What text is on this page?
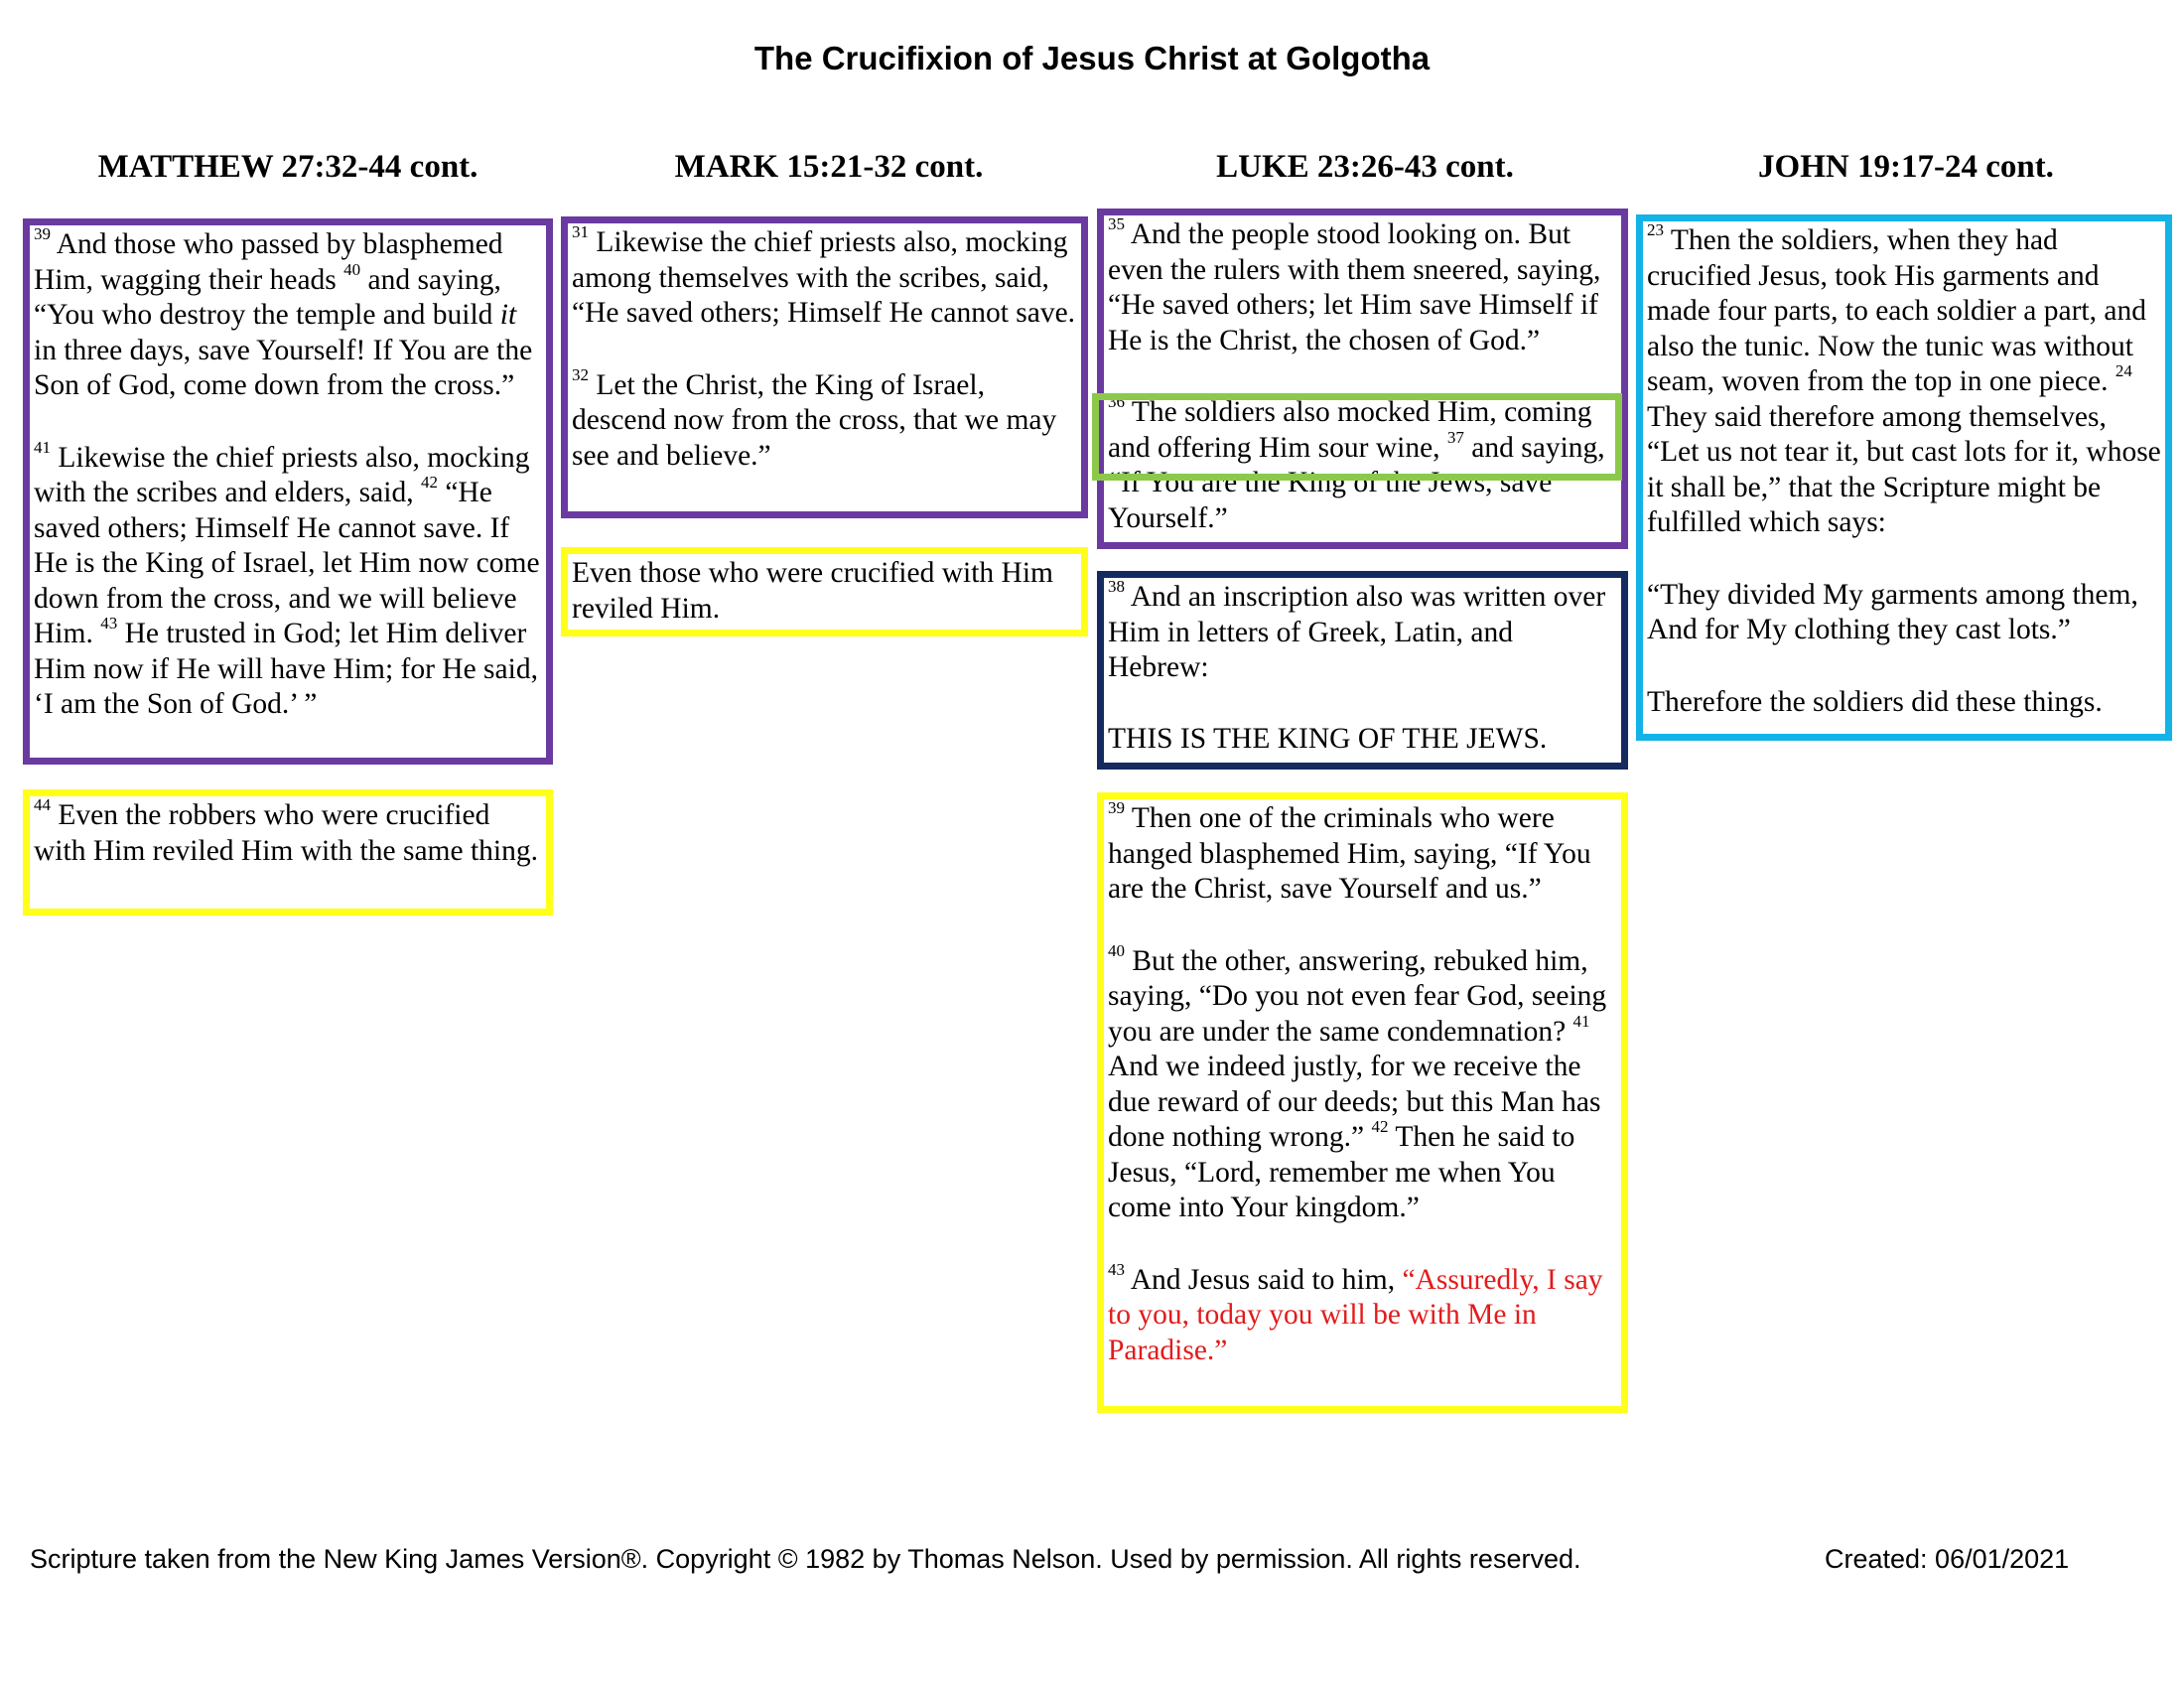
The Crucifixion of Jesus Christ at Golgotha
MATTHEW 27:32-44 cont.	MARK 15:21-32 cont.	LUKE 23:26-43 cont.	JOHN 19:17-24 cont.

$^{39}$ And those who passed by blasphemed Him, wagging their heads $^{40}$ and saying, “You who destroy the temple and build it in three days, save Yourself! If You are the Son of God, come down from the cross.”

$^{41}$ Likewise the chief priests also, mocking with the scribes and elders, said, $^{42}$ “He saved others; Himself He cannot save. If He is the King of Israel, let Him now come down from the cross, and we will believe Him. $^{43}$ He trusted in God; let Him deliver Him now if He will have Him; for He said, ‘I am the Son of God.’ ”

$^{44}$ Even the robbers who were crucified with Him reviled Him with the same thing.

$^{31}$ Likewise the chief priests also, mocking among themselves with the scribes, said, “He saved others; Himself He cannot save.

$^{32}$ Let the Christ, the King of Israel, descend now from the cross, that we may see and believe.”

Even those who were crucified with Him reviled Him.

$^{35}$ And the people stood looking on. But even the rulers with them sneered, saying, “He saved others; let Him save Himself if He is the Christ, the chosen of God.”

$^{36}$ The soldiers also mocked Him, coming and offering Him sour wine, $^{37}$ and saying, “If You are the King of the Jews, save Yourself.”

$^{38}$ And an inscription also was written over Him in letters of Greek, Latin, and Hebrew:

THIS IS THE KING OF THE JEWS.

$^{39}$ Then one of the criminals who were hanged blasphemed Him, saying, “If You are the Christ, save Yourself and us.”

$^{40}$ But the other, answering, rebuked him, saying, “Do you not even fear God, seeing you are under the same condemnation? $^{41}$ And we indeed justly, for we receive the due reward of our deeds; but this Man has done nothing wrong.” $^{42}$ Then he said to Jesus, “Lord, remember me when You come into Your kingdom.”

$^{43}$ And Jesus said to him, “Assuredly, I say to you, today you will be with Me in Paradise.”

$^{23}$ Then the soldiers, when they had crucified Jesus, took His garments and made four parts, to each soldier a part, and also the tunic. Now the tunic was without seam, woven from the top in one piece. $^{24}$ They said therefore among themselves, “Let us not tear it, but cast lots for it, whose it shall be,” that the Scripture might be fulfilled which says:

“They divided My garments among them, And for My clothing they cast lots.”

Therefore the soldiers did these things.

Scripture taken from the New King James Version®. Copyright © 1982 by Thomas Nelson. Used by permission. All rights reserved.	Created: 06/01/2021
